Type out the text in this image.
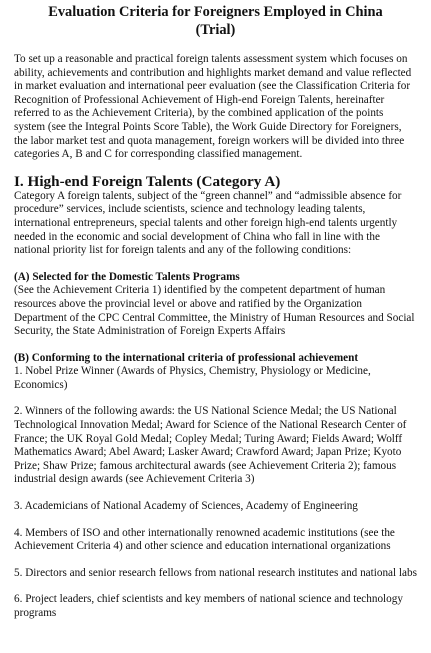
Evaluation Criteria for Foreigners Employed in China
(Trial)

To set up a reasonable and practical foreign talents assessment system which focuses on ability, achievements and contribution and highlights market demand and value reflected in market evaluation and international peer evaluation (see the Classification Criteria for Recognition of Professional Achievement of High-end Foreign Talents, hereinafter referred to as the Achievement Criteria), by the combined application of the points system (see the Integral Points Score Table), the Work Guide Directory for Foreigners, the labor market test and quota management, foreign workers will be divided into three categories A, B and C for corresponding classified management.

I. High-end Foreign Talents (Category A)

Category A foreign talents, subject of the “green channel” and “admissible absence for procedure” services, include scientists, science and technology leading talents, international entrepreneurs, special talents and other foreign high-end talents urgently needed in the economic and social development of China who fall in line with the national priority list for foreign talents and any of the following conditions:

(A) Selected for the Domestic Talents Programs

(See the Achievement Criteria 1) identified by the competent department of human resources above the provincial level or above and ratified by the Organization Department of the CPC Central Committee, the Ministry of Human Resources and Social Security, the State Administration of Foreign Experts Affairs

(B) Conforming to the international criteria of professional achievement

1. Nobel Prize Winner (Awards of Physics, Chemistry, Physiology or Medicine, Economics)

2. Winners of the following awards: the US National Science Medal; the US National Technological Innovation Medal; Award for Science of the National Research Center of France; the UK Royal Gold Medal; Copley Medal; Turing Award; Fields Award; Wolff Mathematics Award; Abel Award; Lasker Award; Crawford Award; Japan Prize; Kyoto Prize; Shaw Prize; famous architectural awards (see Achievement Criteria 2); famous industrial design awards (see Achievement Criteria 3)

3. Academicians of National Academy of Sciences, Academy of Engineering

4. Members of ISO and other internationally renowned academic institutions (see the Achievement Criteria 4) and other science and education international organizations

5. Directors and senior research fellows from national research institutes and national labs

6. Project leaders, chief scientists and key members of national science and technology programs
